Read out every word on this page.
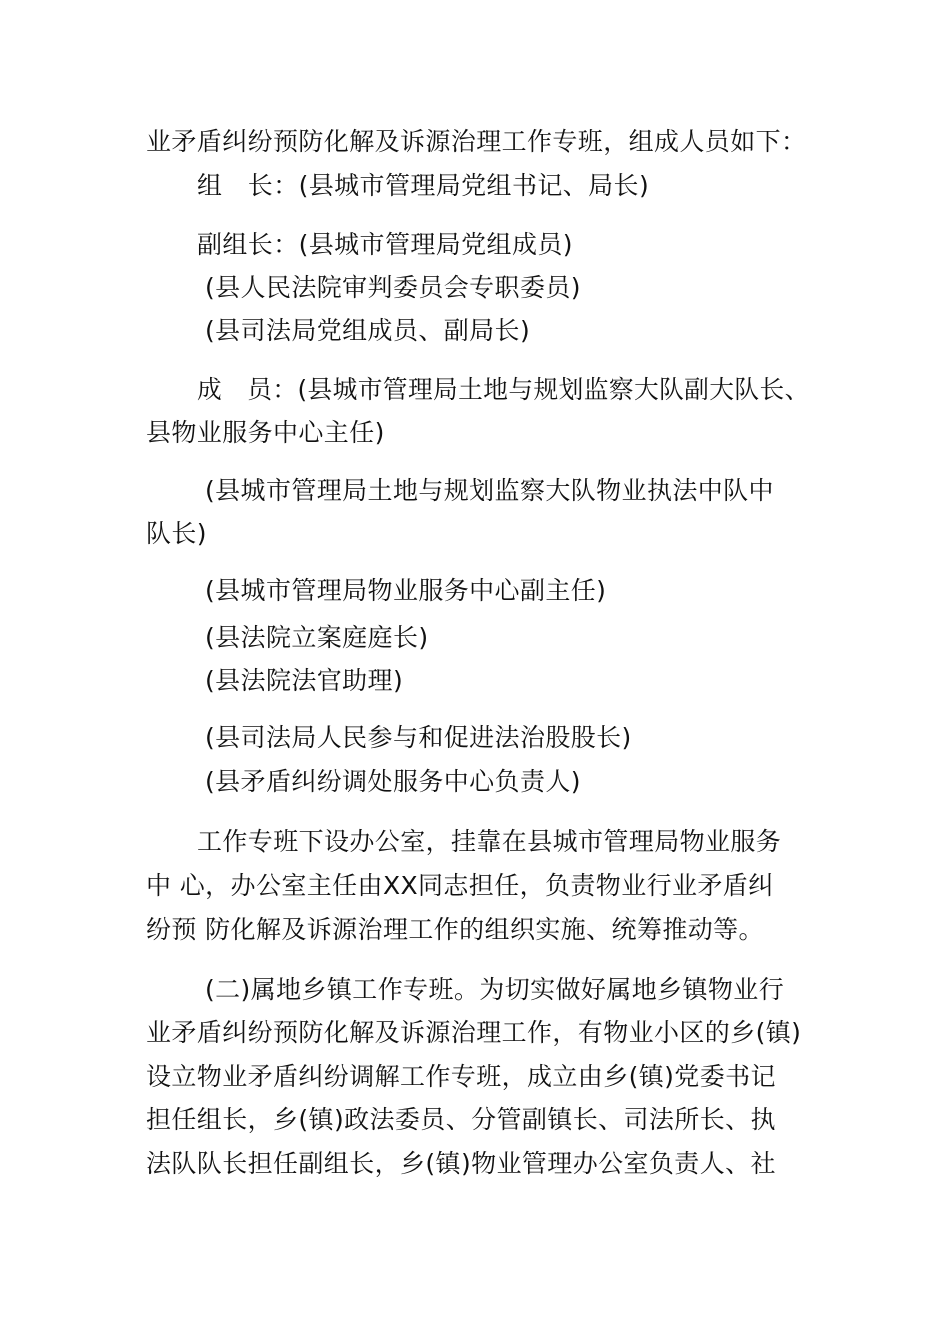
业矛盾纠纷预防化解及诉源治理工作专班，组成人员如下：
组　长：(县城市管理局党组书记、局长)
副组长：(县城市管理局党组成员)
(县人民法院审判委员会专职委员)
(县司法局党组成员、副局长)
成　员：(县城市管理局土地与规划监察大队副大队长、
县物业服务中心主任)
(县城市管理局土地与规划监察大队物业执法中队中
队长)
(县城市管理局物业服务中心副主任)
(县法院立案庭庭长)
(县法院法官助理)
(县司法局人民参与和促进法治股股长)
(县矛盾纠纷调处服务中心负责人)
工作专班下设办公室，挂靠在县城市管理局物业服务
中 心，办公室主任由XX同志担任，负责物业行业矛盾纠
纷预 防化解及诉源治理工作的组织实施、统筹推动等。
(二)属地乡镇工作专班。为切实做好属地乡镇物业行
业矛盾纠纷预防化解及诉源治理工作，有物业小区的乡(镇)
设立物业矛盾纠纷调解工作专班，成立由乡(镇)党委书记
担任组长，乡(镇)政法委员、分管副镇长、司法所长、执
法队队长担任副组长，乡(镇)物业管理办公室负责人、社
